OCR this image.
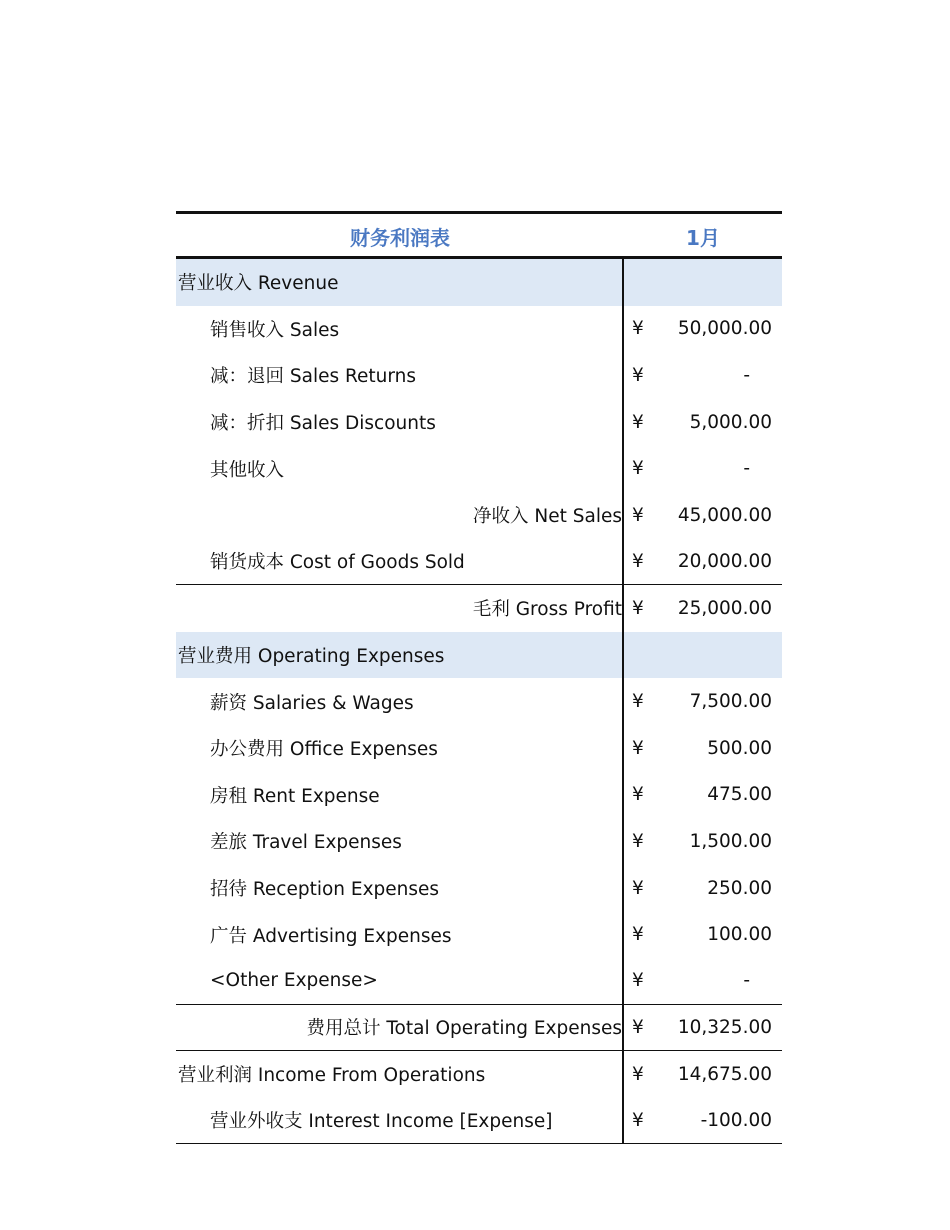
财务利润表	1月
营业收入 Revenue
销售收入 Sales	¥ 50,000.00
减：退回 Sales Returns	¥	-
减：折扣 Sales Discounts	¥ 5,000.00
其他收入	¥	-
净收入 Net Sales ¥ 45,000.00
销货成本 Cost of Goods Sold	¥ 20,000.00
毛利 Gross Profit ¥ 25,000.00
营业费用 Operating Expenses
薪资 Salaries & Wages	¥ 7,500.00
办公费用 Office Expenses	¥	500.00
房租 Rent Expense	¥	475.00
差旅 Travel Expenses	¥ 1,500.00
招待 Reception Expenses	¥	250.00
广告 Advertising Expenses	¥	100.00
<Other Expense>	¥	-
费用总计 Total Operating Expenses ¥ 10,325.00
营业利润 Income From Operations	¥ 14,675.00
营业外收支 Interest Income [Expense]	¥	-100.00
